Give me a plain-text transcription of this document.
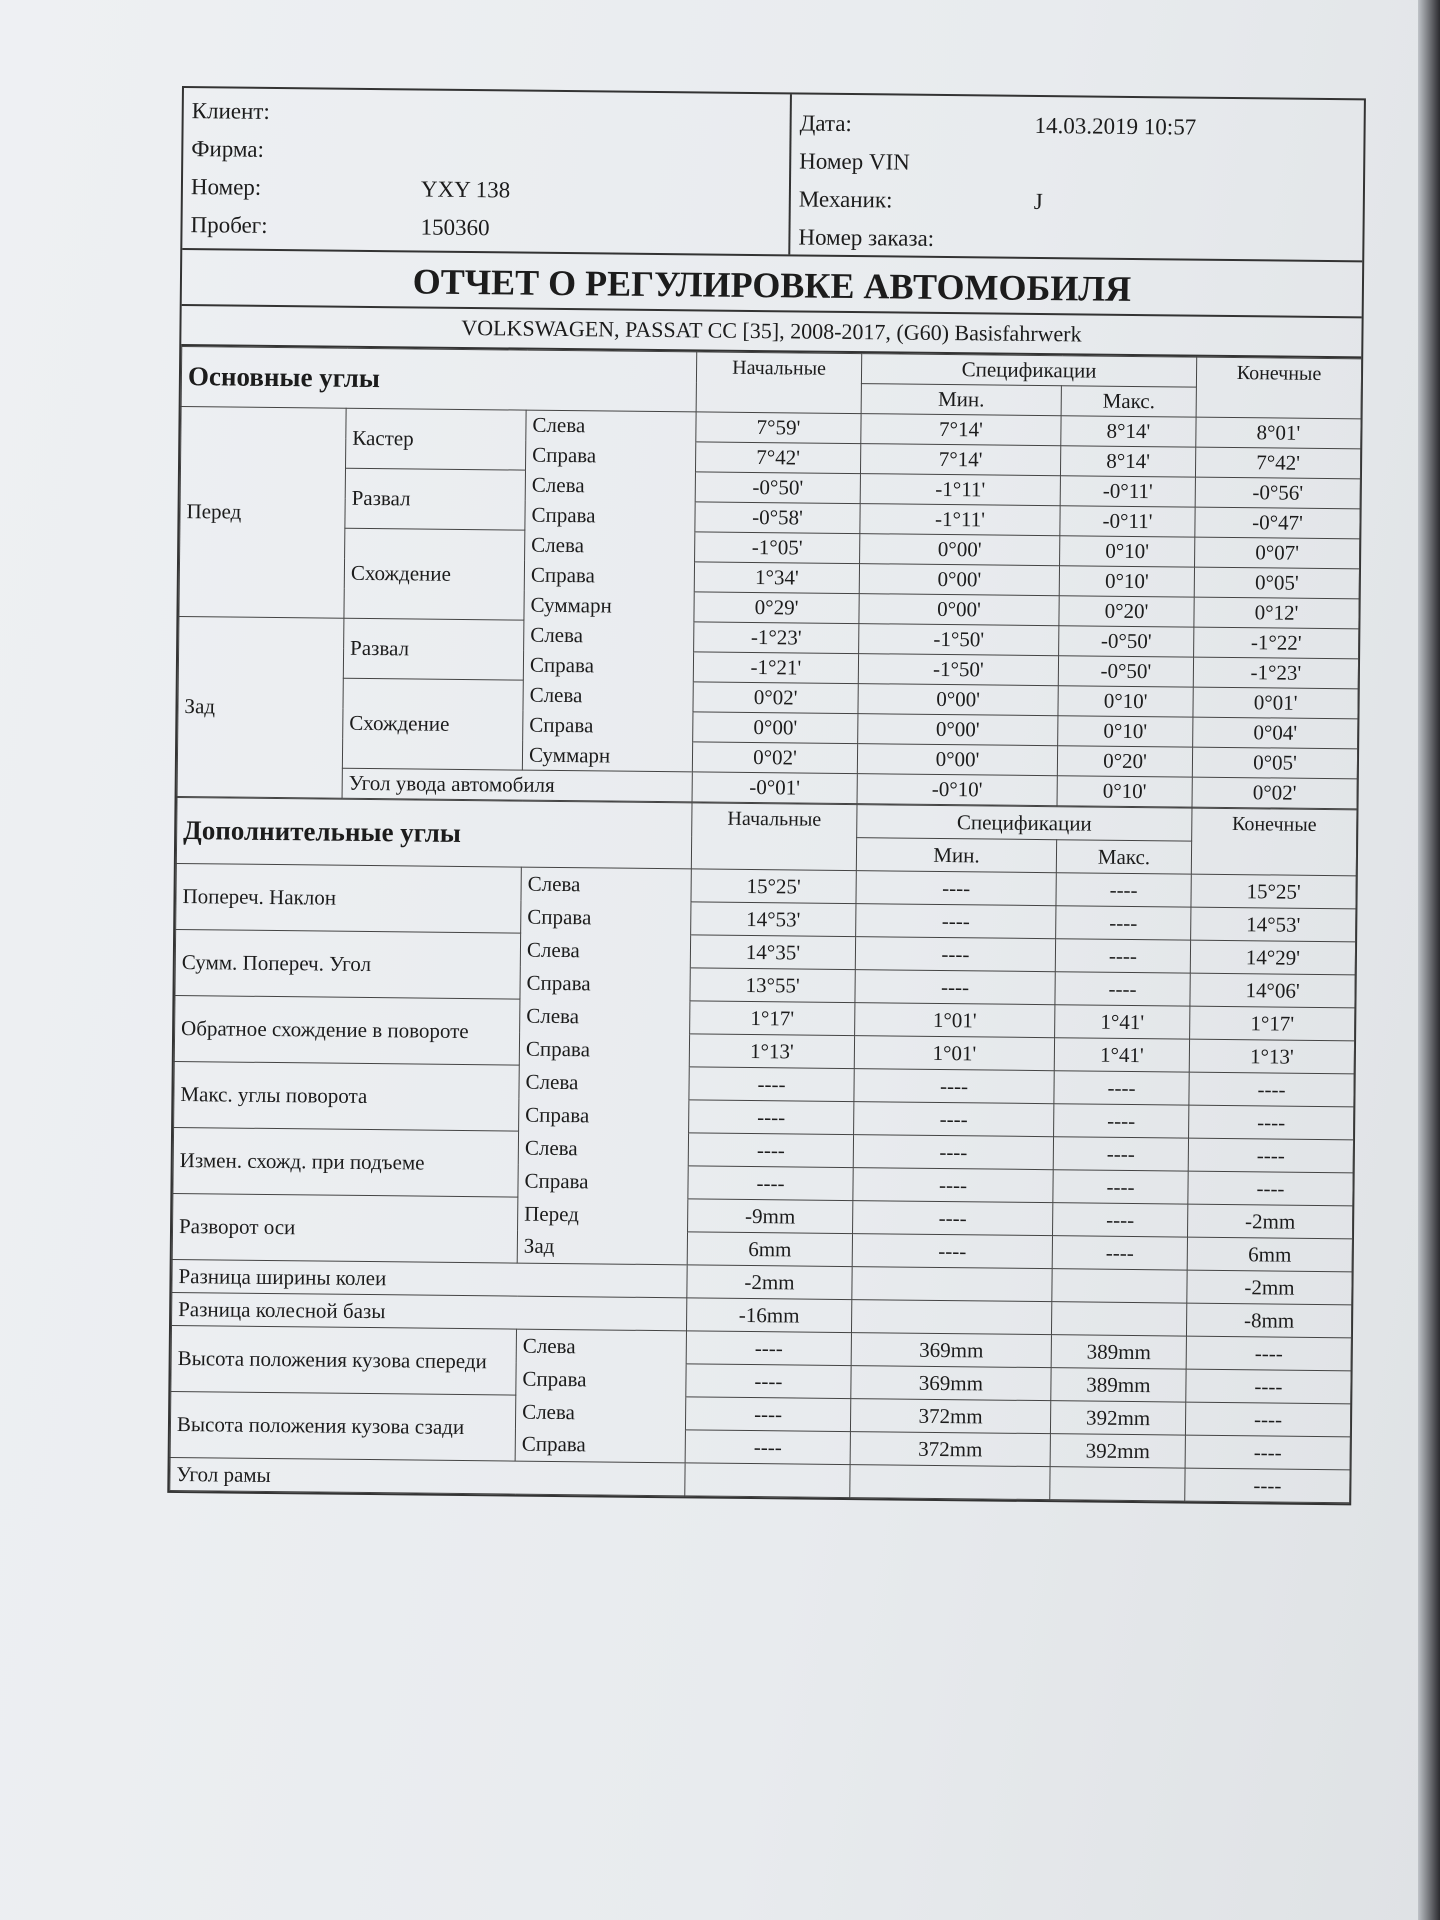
Клиент:
Фирма:
Номер:	YXY 138
Пробег:	150360
Дата:	14.03.2019 10:57
Номер VIN
Механик:	J
Номер заказа:
ОТЧЕТ О РЕГУЛИРОВКЕ АВТОМОБИЛЯ
VOLKSWAGEN, PASSAT CC [35], 2008-2017, (G60) Basisfahrwerk
Основные углы			Начальные	Спецификации		Конечные
				Мин.	Макс.	
Перед	Кастер	Слева	7°59'	7°14'	8°14'	8°01'
		Справа	7°42'	7°14'	8°14'	7°42'
	Развал	Слева	-0°50'	-1°11'	-0°11'	-0°56'
		Справа	-0°58'	-1°11'	-0°11'	-0°47'
	Схождение	Слева	-1°05'	0°00'	0°10'	0°07'
		Справа	1°34'	0°00'	0°10'	0°05'
		Суммарн	0°29'	0°00'	0°20'	0°12'
Зад	Развал	Слева	-1°23'	-1°50'	-0°50'	-1°22'
		Справа	-1°21'	-1°50'	-0°50'	-1°23'
	Схождение	Слева	0°02'	0°00'	0°10'	0°01'
		Справа	0°00'	0°00'	0°10'	0°04'
		Суммарн	0°02'	0°00'	0°20'	0°05'
	Угол увода автомобиля		-0°01'	-0°10'	0°10'	0°02'
Дополнительные углы		Начальные	Спецификации		Конечные
			Мин.	Макс.	
Попереч. Наклон	Слева	15°25'	----	----	15°25'
	Справа	14°53'	----	----	14°53'
Сумм. Попереч. Угол	Слева	14°35'	----	----	14°29'
	Справа	13°55'	----	----	14°06'
Обратное схождение в повороте	Слева	1°17'	1°01'	1°41'	1°17'
	Справа	1°13'	1°01'	1°41'	1°13'
Макс. углы поворота	Слева	----	----	----	----
	Справа	----	----	----	----
Измен. схожд. при подъеме	Слева	----	----	----	----
	Справа	----	----	----	----
Разворот оси	Перед	-9mm	----	----	-2mm
	Зад	6mm	----	----	6mm
Разница ширины колеи		-2mm			-2mm
Разница колесной базы		-16mm			-8mm
Высота положения кузова спереди	Слева	----	369mm	389mm	----
	Справа	----	369mm	389mm	----
Высота положения кузова сзади	Слева	----	372mm	392mm	----
	Справа	----	372mm	392mm	----
Угол рамы					----
